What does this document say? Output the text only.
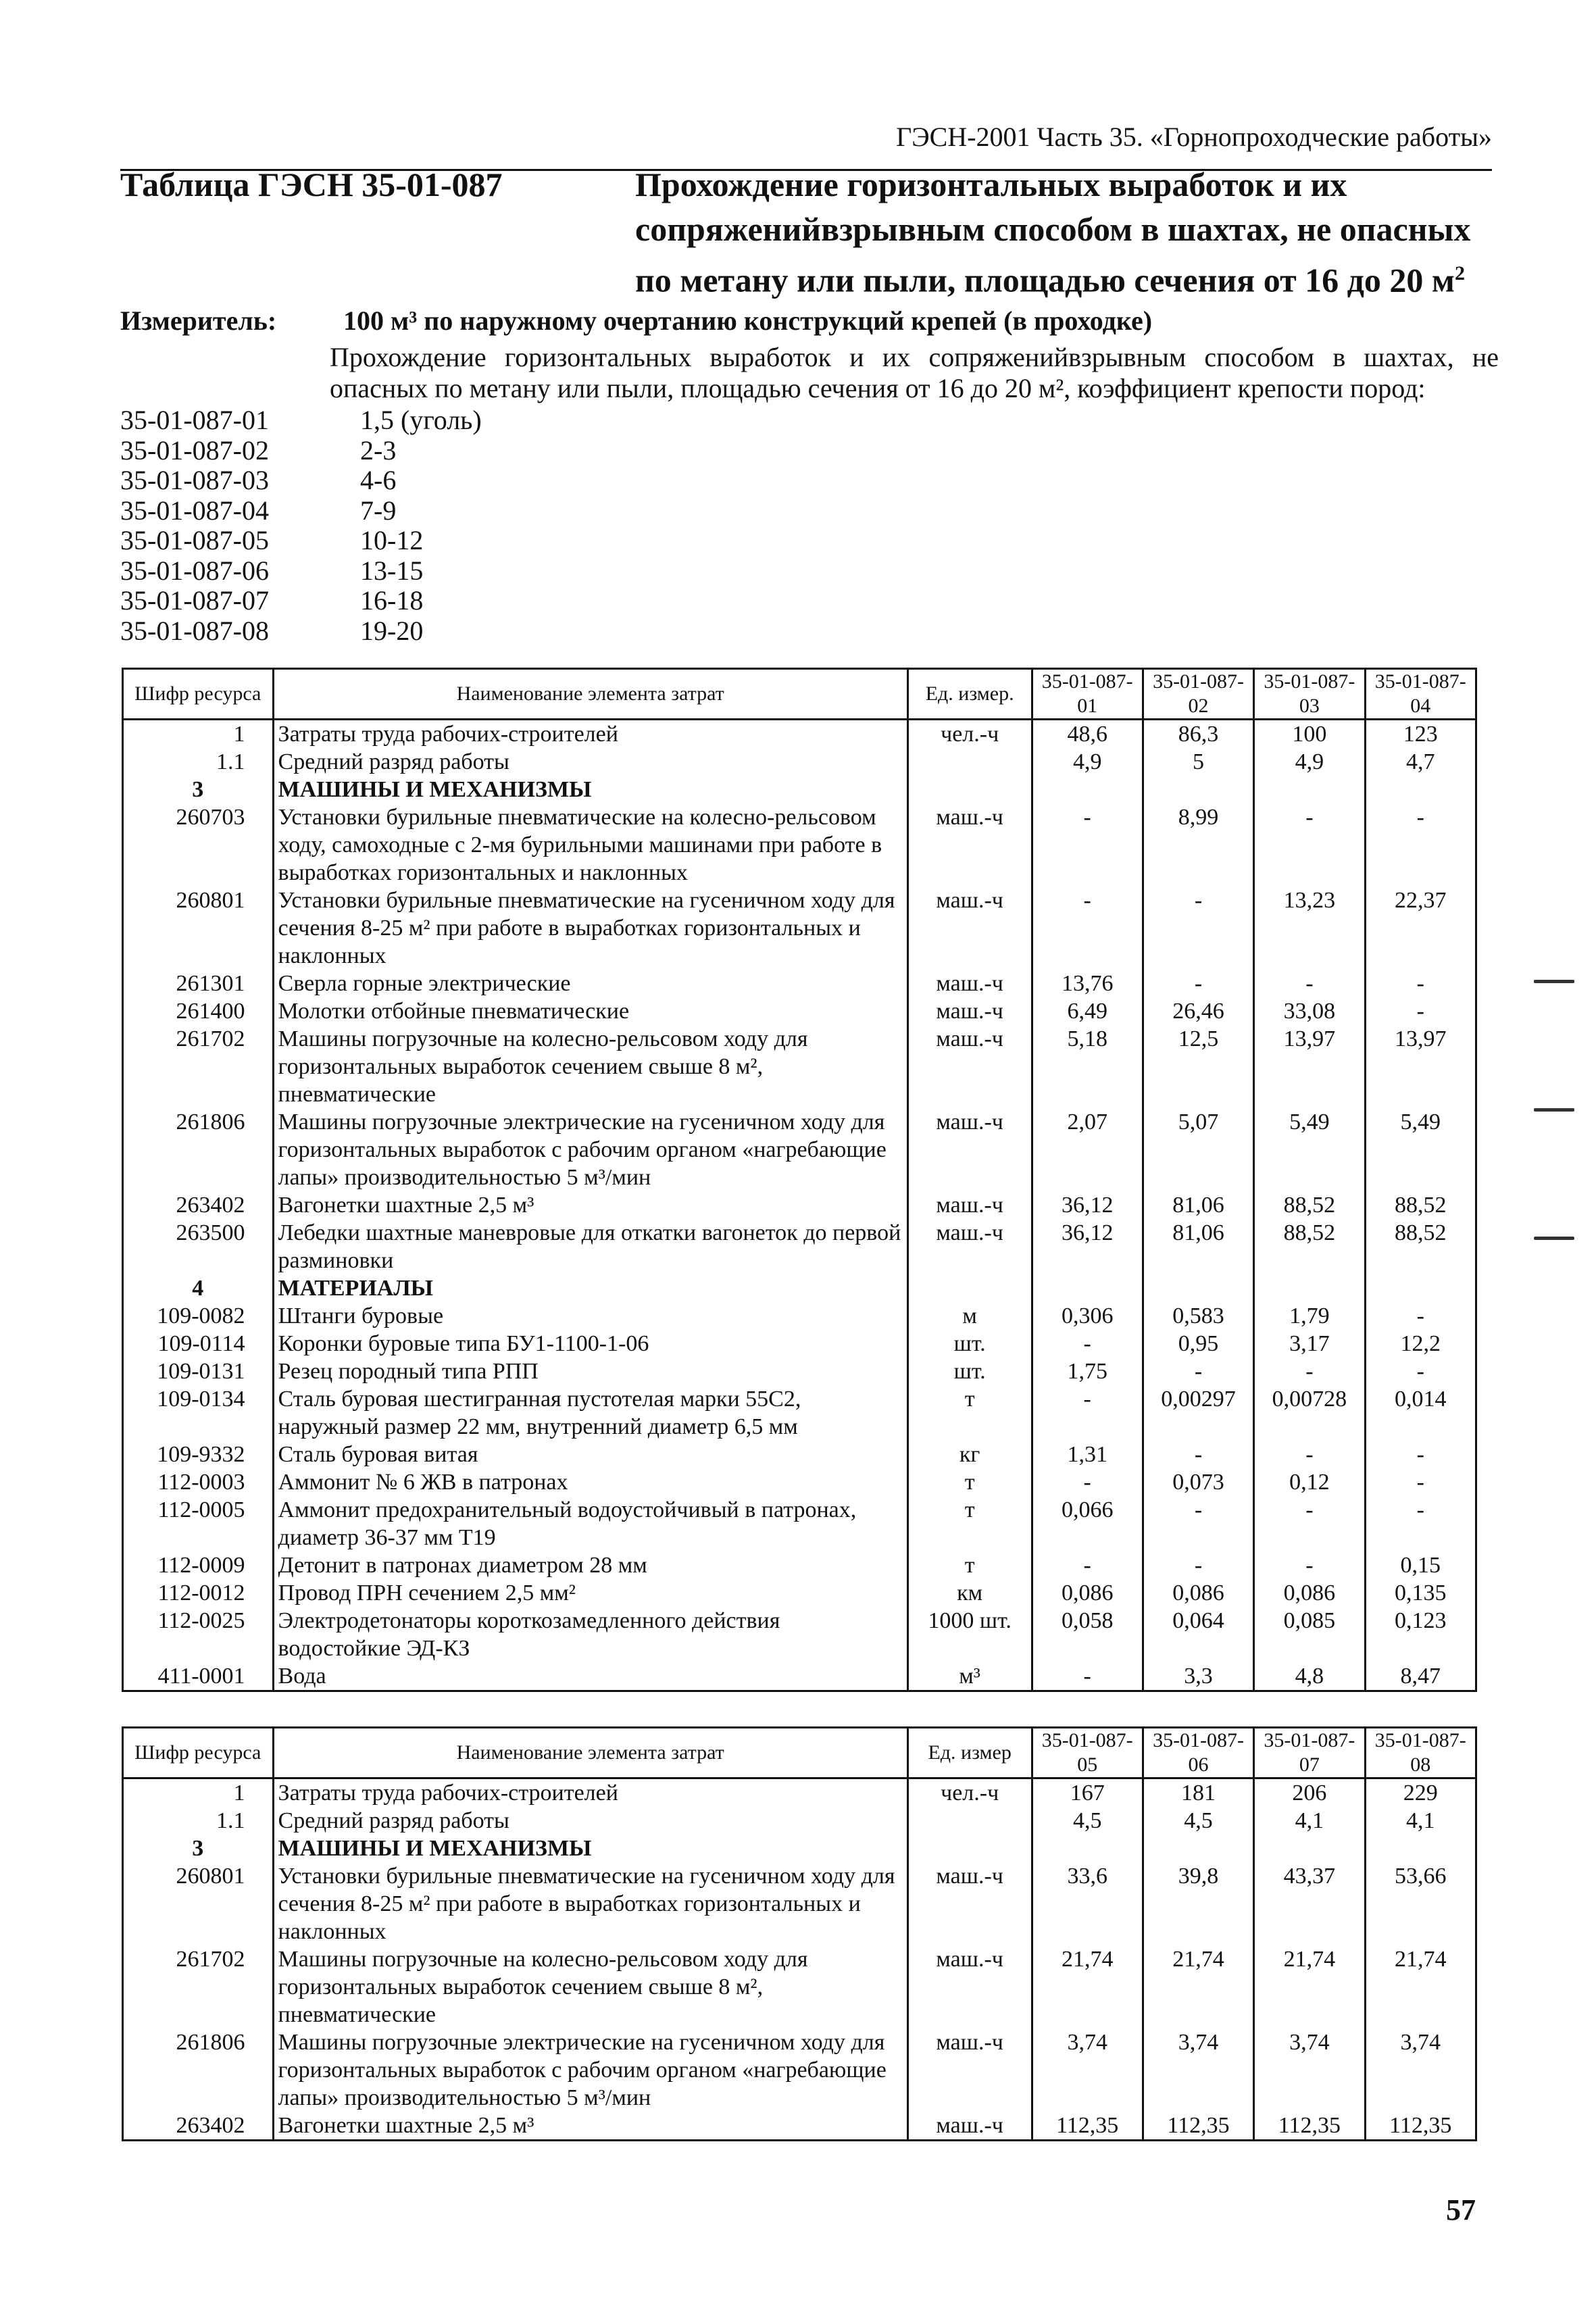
ГЭСН-2001 Часть 35. «Горнопроходческие работы»
Таблица ГЭСН 35-01-087	Прохождение горизонтальных выработок и их сопряженийвзрывным способом в шахтах, не опасных по метану или пыли, площадью сечения от 16 до 20 $м^2$
Измеритель:	100 м³ по наружному очертанию конструкций крепей (в проходке)
Прохождение горизонтальных выработок и их сопряженийвзрывным способом в шахтах, не опасных по метану или пыли, площадью сечения от 16 до 20 м², коэффициент крепости пород:
35-01-087-01	1,5 (уголь)
35-01-087-02	2-3
35-01-087-03	4-6
35-01-087-04	7-9
35-01-087-05	10-12
35-01-087-06	13-15
35-01-087-07	16-18
35-01-087-08	19-20
Шифр ресурса	Наименование элемента затрат	Ед. измер.	35-01-087-01	35-01-087-02	35-01-087-03	35-01-087-04
1	Затраты труда рабочих-строителей	чел.-ч	48,6	86,3	100	123
1.1	Средний разряд работы		4,9	5	4,9	4,7
3	МАШИНЫ И МЕХАНИЗМЫ					
260703	Установки бурильные пневматические на колесно-рельсовом ходу, самоходные с 2-мя бурильными машинами при работе в выработках горизонтальных и наклонных	маш.-ч	-	8,99	-	-
260801	Установки бурильные пневматические на гусеничном ходу для сечения 8-25 м² при работе в выработках горизонтальных и наклонных	маш.-ч	-	-	13,23	22,37
261301	Сверла горные электрические	маш.-ч	13,76	-	-	-
261400	Молотки отбойные пневматические	маш.-ч	6,49	26,46	33,08	-
261702	Машины погрузочные на колесно-рельсовом ходу для горизонтальных выработок сечением свыше 8 м², пневматические	маш.-ч	5,18	12,5	13,97	13,97
261806	Машины погрузочные электрические на гусеничном ходу для горизонтальных выработок с рабочим органом «нагребающие лапы» производительностью 5 м³/мин	маш.-ч	2,07	5,07	5,49	5,49
263402	Вагонетки шахтные 2,5 м³	маш.-ч	36,12	81,06	88,52	88,52
263500	Лебедки шахтные маневровые для откатки вагонеток до первой разминовки	маш.-ч	36,12	81,06	88,52	88,52
4	МАТЕРИАЛЫ					
109-0082	Штанги буровые	м	0,306	0,583	1,79	-
109-0114	Коронки буровые типа БУ1-1100-1-06	шт.	-	0,95	3,17	12,2
109-0131	Резец породный типа РПП	шт.	1,75	-	-	-
109-0134	Сталь буровая шестигранная пустотелая марки 55С2, наружный размер 22 мм, внутренний диаметр 6,5 мм	т	-	0,00297	0,00728	0,014
109-9332	Сталь буровая витая	кг	1,31	-	-	-
112-0003	Аммонит № 6 ЖВ в патронах	т	-	0,073	0,12	-
112-0005	Аммонит предохранительный водоустойчивый в патронах, диаметр 36-37 мм Т19	т	0,066	-	-	-
112-0009	Детонит в патронах диаметром 28 мм	т	-	-	-	0,15
112-0012	Провод ПРН сечением 2,5 мм²	км	0,086	0,086	0,086	0,135
112-0025	Электродетонаторы короткозамедленного действия водостойкие ЭД-КЗ	1000 шт.	0,058	0,064	0,085	0,123
411-0001	Вода	м³	-	3,3	4,8	8,47
Шифр ресурса	Наименование элемента затрат	Ед. измер	35-01-087-05	35-01-087-06	35-01-087-07	35-01-087-08
1	Затраты труда рабочих-строителей	чел.-ч	167	181	206	229
1.1	Средний разряд работы		4,5	4,5	4,1	4,1
3	МАШИНЫ И МЕХАНИЗМЫ					
260801	Установки бурильные пневматические на гусеничном ходу для сечения 8-25 м² при работе в выработках горизонтальных и наклонных	маш.-ч	33,6	39,8	43,37	53,66
261702	Машины погрузочные на колесно-рельсовом ходу для горизонтальных выработок сечением свыше 8 м², пневматические	маш.-ч	21,74	21,74	21,74	21,74
261806	Машины погрузочные электрические на гусеничном ходу для горизонтальных выработок с рабочим органом «нагребающие лапы» производительностью 5 м³/мин	маш.-ч	3,74	3,74	3,74	3,74
263402	Вагонетки шахтные 2,5 м³	маш.-ч	112,35	112,35	112,35	112,35
57
